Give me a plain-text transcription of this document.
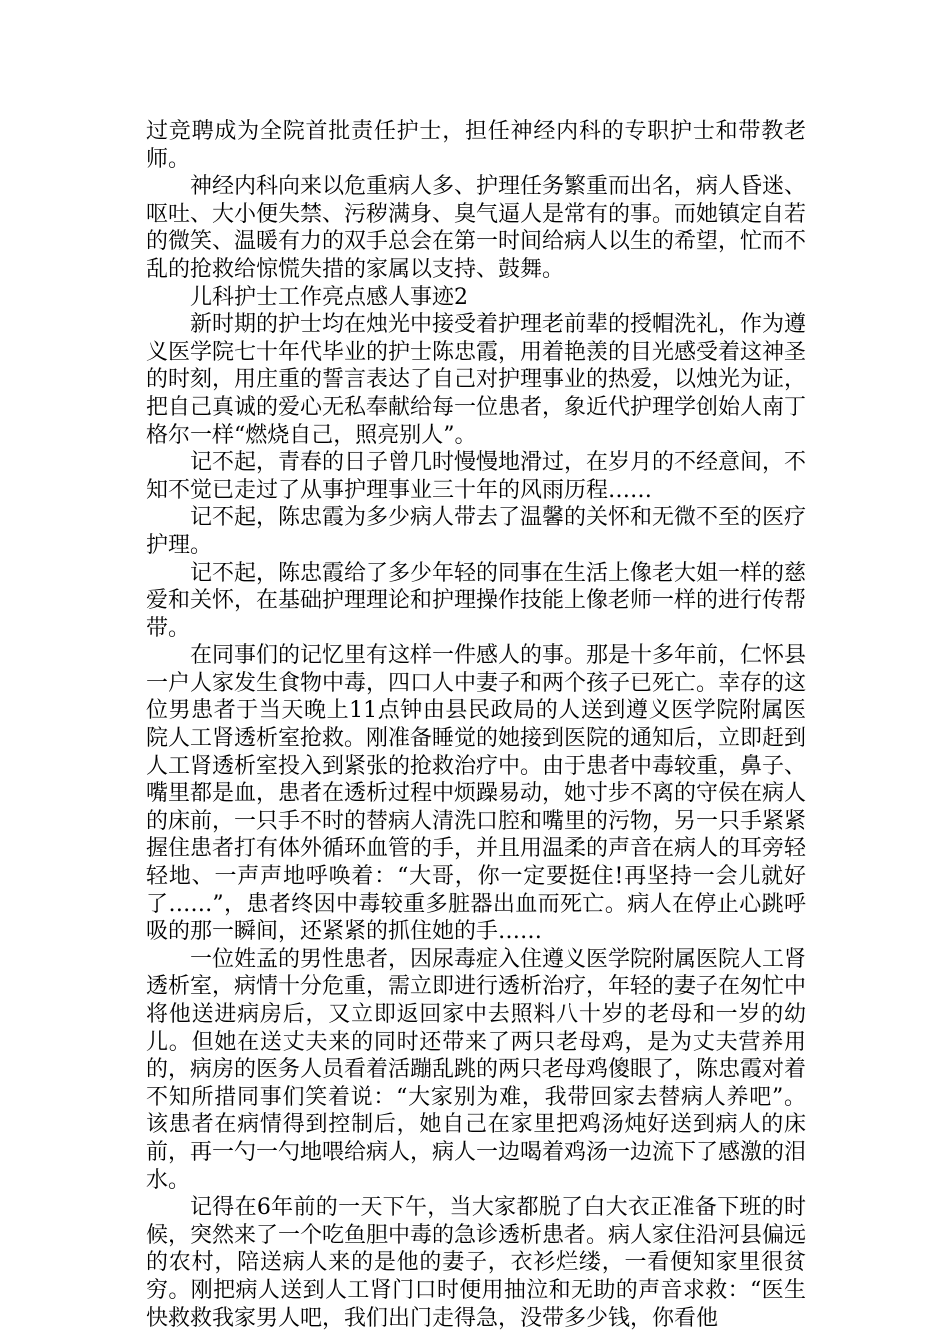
过竞聘成为全院首批责任护士，担任神经内科的专职护士和带教老师。

神经内科向来以危重病人多、护理任务繁重而出名，病人昏迷、呕吐、大小便失禁、污秽满身、臭气逼人是常有的事。而她镇定自若的微笑、温暖有力的双手总会在第一时间给病人以生的希望，忙而不乱的抢救给惊慌失措的家属以支持、鼓舞。

儿科护士工作亮点感人事迹2

新时期的护士均在烛光中接受着护理老前辈的授帽洗礼，作为遵义医学院七十年代毕业的护士陈忠霞，用着艳羡的目光感受着这神圣的时刻，用庄重的誓言表达了自己对护理事业的热爱，以烛光为证，把自己真诚的爱心无私奉献给每一位患者，象近代护理学创始人南丁格尔一样“燃烧自己，照亮别人”。

记不起，青春的日子曾几时慢慢地滑过，在岁月的不经意间，不知不觉已走过了从事护理事业三十年的风雨历程……

记不起，陈忠霞为多少病人带去了温馨的关怀和无微不至的医疗护理。

记不起，陈忠霞给了多少年轻的同事在生活上像老大姐一样的慈爱和关怀，在基础护理理论和护理操作技能上像老师一样的进行传帮带。

在同事们的记忆里有这样一件感人的事。那是十多年前，仁怀县一户人家发生食物中毒，四口人中妻子和两个孩子已死亡。幸存的这位男患者于当天晚上11点钟由县民政局的人送到遵义医学院附属医院人工肾透析室抢救。刚准备睡觉的她接到医院的通知后，立即赶到人工肾透析室投入到紧张的抢救治疗中。由于患者中毒较重，鼻子、嘴里都是血，患者在透析过程中烦躁易动，她寸步不离的守侯在病人的床前，一只手不时的替病人清洗口腔和嘴里的污物，另一只手紧紧握住患者打有体外循环血管的手，并且用温柔的声音在病人的耳旁轻轻地、一声声地呼唤着：“大哥，你一定要挺住!再坚持一会儿就好了……”，患者终因中毒较重多脏器出血而死亡。病人在停止心跳呼吸的那一瞬间，还紧紧的抓住她的手……

一位姓孟的男性患者，因尿毒症入住遵义医学院附属医院人工肾透析室，病情十分危重，需立即进行透析治疗，年轻的妻子在匆忙中将他送进病房后，又立即返回家中去照料八十岁的老母和一岁的幼儿。但她在送丈夫来的同时还带来了两只老母鸡，是为丈夫营养用的，病房的医务人员看着活蹦乱跳的两只老母鸡傻眼了，陈忠霞对着不知所措同事们笑着说：“大家别为难，我带回家去替病人养吧”。该患者在病情得到控制后，她自己在家里把鸡汤炖好送到病人的床前，再一勺一勺地喂给病人，病人一边喝着鸡汤一边流下了感激的泪水。

记得在6年前的一天下午，当大家都脱了白大衣正准备下班的时候，突然来了一个吃鱼胆中毒的急诊透析患者。病人家住沿河县偏远的农村，陪送病人来的是他的妻子，衣衫烂缕，一看便知家里很贫穷。刚把病人送到人工肾门口时便用抽泣和无助的声音求救：“医生快救救我家男人吧，我们出门走得急，没带多少钱，你看他
